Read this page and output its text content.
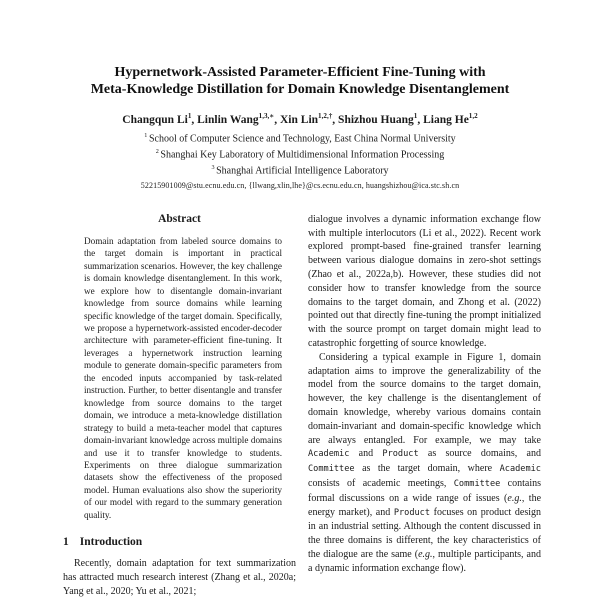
Hypernetwork-Assisted Parameter-Efficient Fine-Tuning with
Meta-Knowledge Distillation for Domain Knowledge Disentanglement
Changqun Li$^1$, Linlin Wang$^{1,3,∗}$, Xin Lin$^{1,2,\dagger}$, Shizhou Huang$^1$, Liang He$^{1,2}$
$^1$ School of Computer Science and Technology, East China Normal University
$^2$ Shanghai Key Laboratory of Multidimensional Information Processing
$^3$ Shanghai Artificial Intelligence Laboratory
52215901009@stu.ecnu.edu.cn, {llwang,xlin,lhe}@cs.ecnu.edu.cn, huangshizhou@ica.stc.sh.cn
Abstract
Domain adaptation from labeled source domains to the target domain is important in practical summarization scenarios. However, the key challenge is domain knowledge disentanglement. In this work, we explore how to disentangle domain-invariant knowledge from source domains while learning specific knowledge of the target domain. Specifically, we propose a hypernetwork-assisted encoder-decoder architecture with parameter-efficient fine-tuning. It leverages a hypernetwork instruction learning module to generate domain-specific parameters from the encoded inputs accompanied by task-related instruction. Further, to better disentangle and transfer knowledge from source domains to the target domain, we introduce a meta-knowledge distillation strategy to build a meta-teacher model that captures domain-invariant knowledge across multiple domains and use it to transfer knowledge to students. Experiments on three dialogue summarization datasets show the effectiveness of the proposed model. Human evaluations also show the superiority of our model with regard to the summary generation quality.
1 Introduction

Recently, domain adaptation for text summarization has attracted much research interest (Zhang et al., 2020a; Yang et al., 2020; Yu et al., 2021;

dialogue involves a dynamic information exchange flow with multiple interlocutors (Li et al., 2022). Recent work explored prompt-based fine-grained transfer learning between various dialogue domains in zero-shot settings (Zhao et al., 2022a,b). However, these studies did not consider how to transfer knowledge from the source domains to the target domain, and Zhong et al. (2022) pointed out that directly fine-tuning the prompt initialized with the source prompt on target domain might lead to catastrophic forgetting of source knowledge.

Considering a typical example in Figure 1, domain adaptation aims to improve the generalizability of the model from the source domains to the target domain, however, the key challenge is the disentanglement of domain knowledge, whereby various domains contain domain-invariant and domain-specific knowledge which are always entangled. For example, we may take Academic and Product as source domains, and Committee as the target domain, where Academic consists of academic meetings, Committee contains formal discussions on a wide range of issues (e.g., the energy market), and Product focuses on product design in an industrial setting. Although the content discussed in the three domains is different, the key characteristics of the dialogue are the same (e.g., multiple participants, and a dynamic information exchange flow).
